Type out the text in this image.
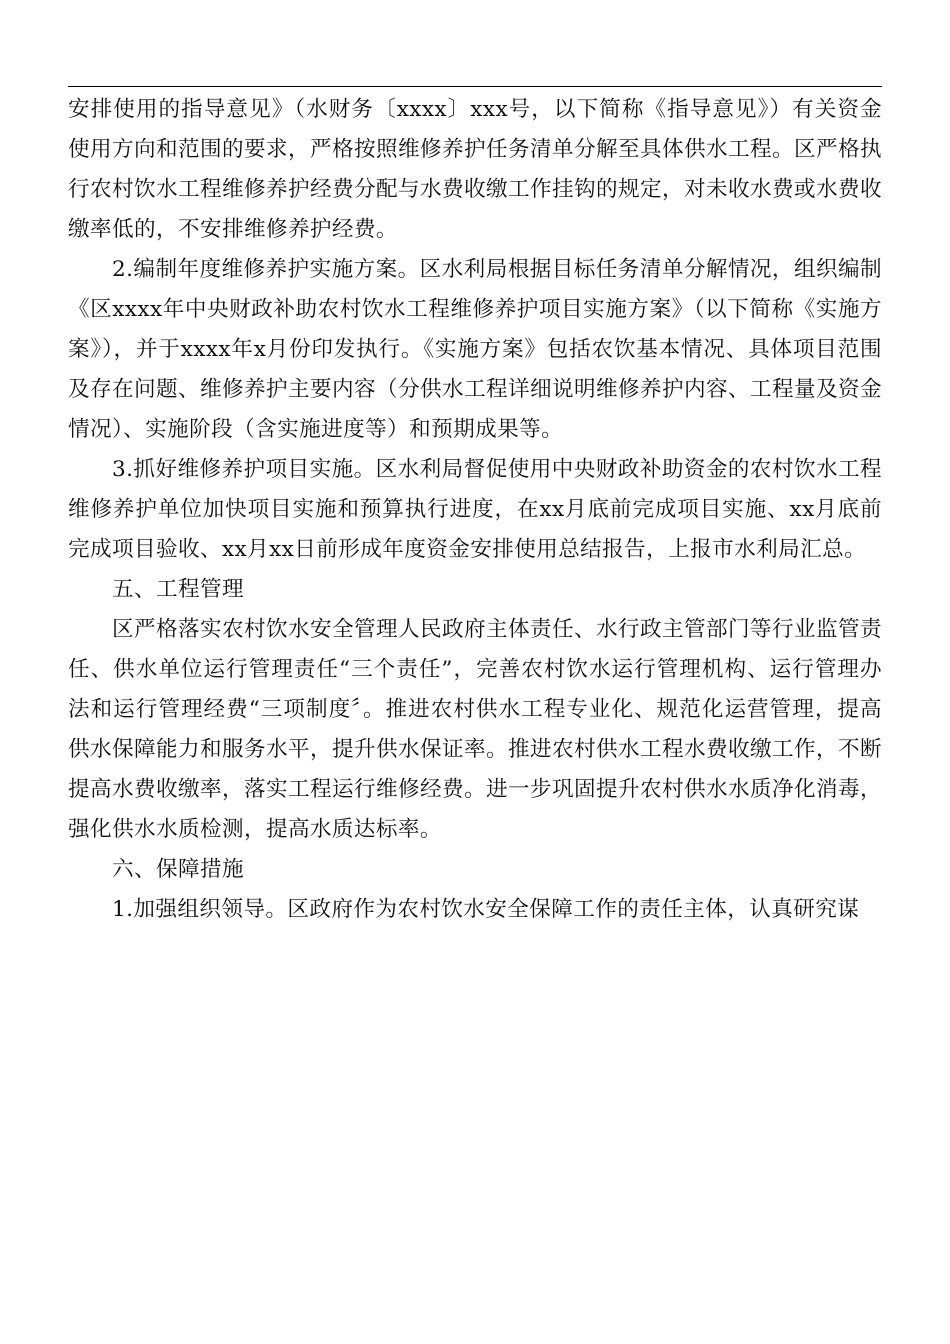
安排使用的指导意见》（水财务〔xxxx〕xxx号，以下简称《指导意见》）有关资金使用方向和范围的要求，严格按照维修养护任务清单分解至具体供水工程。区严格执行农村饮水工程维修养护经费分配与水费收缴工作挂钩的规定，对未收水费或水费收缴率低的，不安排维修养护经费。

2.编制年度维修养护实施方案。区水利局根据目标任务清单分解情况，组织编制《区xxxx年中央财政补助农村饮水工程维修养护项目实施方案》（以下简称《实施方案》），并于xxxx年x月份印发执行。《实施方案》包括农饮基本情况、具体项目范围及存在问题、维修养护主要内容（分供水工程详细说明维修养护内容、工程量及资金情况）、实施阶段（含实施进度等）和预期成果等。

3.抓好维修养护项目实施。区水利局督促使用中央财政补助资金的农村饮水工程维修养护单位加快项目实施和预算执行进度，在xx月底前完成项目实施、xx月底前完成项目验收、xx月xx日前形成年度资金安排使用总结报告，上报市水利局汇总。

五、工程管理

区严格落实农村饮水安全管理人民政府主体责任、水行政主管部门等行业监管责任、供水单位运行管理责任“三个责任”，完善农村饮水运行管理机构、运行管理办法和运行管理经费“三项制度〞。推进农村供水工程专业化、规范化运营管理，提高供水保障能力和服务水平，提升供水保证率。推进农村供水工程水费收缴工作，不断提高水费收缴率，落实工程运行维修经费。进一步巩固提升农村供水水质净化消毒，强化供水水质检测，提高水质达标率。

六、保障措施

1.加强组织领导。区政府作为农村饮水安全保障工作的责任主体，认真研究谋
